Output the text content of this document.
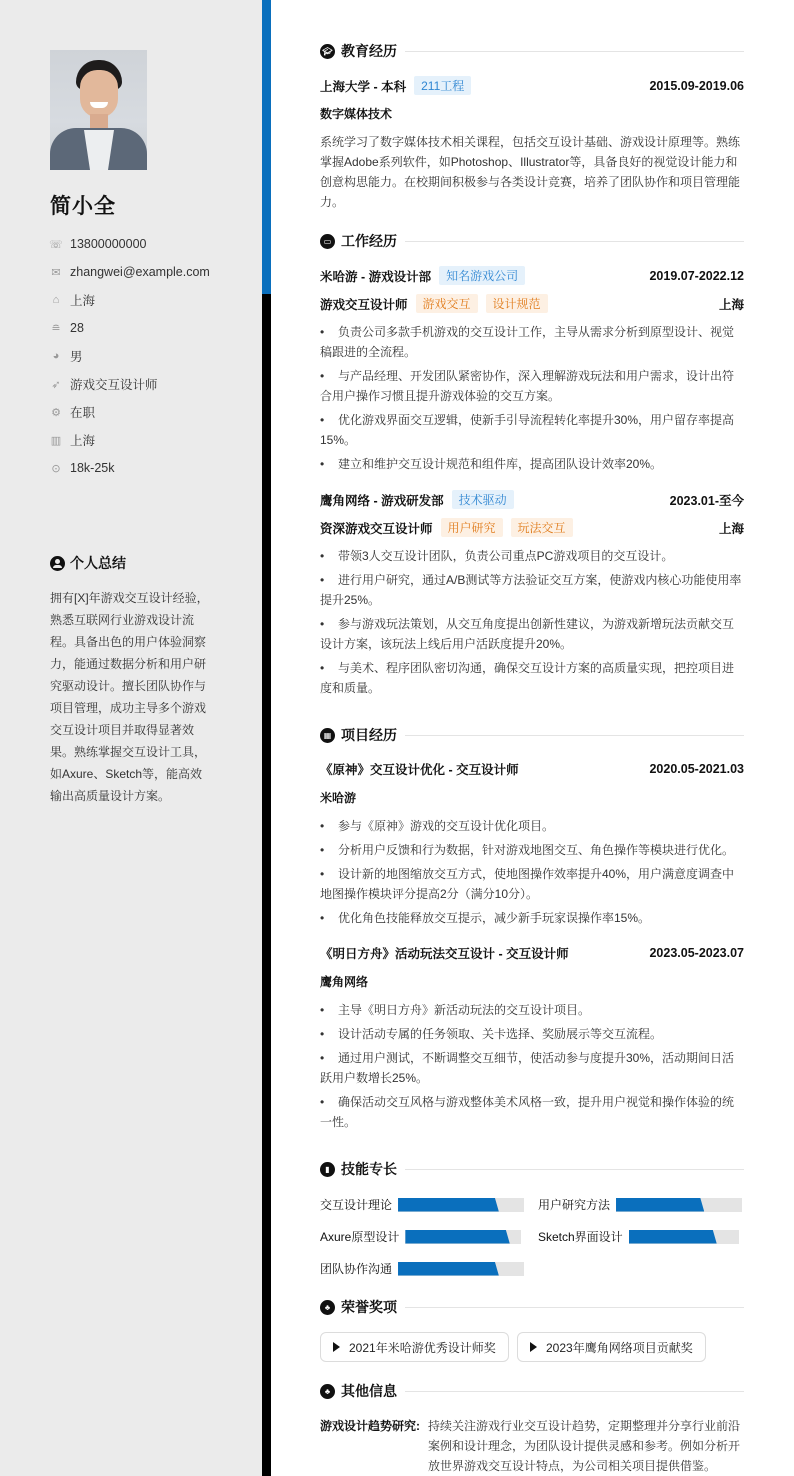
简小全
☏ 13800000000
✉ zhangwei@example.com
⌂ 上海
≘ 28
◕ 男
➶ 游戏交互设计师
⚙ 在职
▥ 上海
⊙ 18k-25k
个人总结
拥有[X]年游戏交互设计经验，熟悉互联网行业游戏设计流程。具备出色的用户体验洞察力，能通过数据分析和用户研究驱动设计。擅长团队协作与项目管理，成功主导多个游戏交互设计项目并取得显著效果。熟练掌握交互设计工具，如Axure、Sketch等，能高效输出高质量设计方案。
🎓︎ 教育经历
上海大学 - 本科	211工程	2015.09-2019.06
数字媒体技术
系统学习了数字媒体技术相关课程，包括交互设计基础、游戏设计原理等。熟练掌握Adobe系列软件，如Photoshop、Illustrator等，具备良好的视觉设计能力和创意构思能力。在校期间积极参与各类设计竞赛，培养了团队协作和项目管理能力。
▭ 工作经历
米哈游 - 游戏设计部	知名游戏公司	2019.07-2022.12
游戏交互设计师	游戏交互	设计规范	上海
• 负责公司多款手机游戏的交互设计工作，主导从需求分析到原型设计、视觉稿跟进的全流程。
• 与产品经理、开发团队紧密协作，深入理解游戏玩法和用户需求，设计出符合用户操作习惯且提升游戏体验的交互方案。
• 优化游戏界面交互逻辑，使新手引导流程转化率提升30%，用户留存率提高15%。
• 建立和维护交互设计规范和组件库，提高团队设计效率20%。
鹰角网络 - 游戏研发部	技术驱动	2023.01-至今
资深游戏交互设计师	用户研究	玩法交互	上海
• 带领3人交互设计团队，负责公司重点PC游戏项目的交互设计。
• 进行用户研究，通过A/B测试等方法验证交互方案，使游戏内核心功能使用率提升25%。
• 参与游戏玩法策划，从交互角度提出创新性建议，为游戏新增玩法贡献交互设计方案，该玩法上线后用户活跃度提升20%。
• 与美术、程序团队密切沟通，确保交互设计方案的高质量实现，把控项目进度和质量。
▦ 项目经历
《原神》交互设计优化 - 交互设计师	2020.05-2021.03
米哈游
• 参与《原神》游戏的交互设计优化项目。
• 分析用户反馈和行为数据，针对游戏地图交互、角色操作等模块进行优化。
• 设计新的地图缩放交互方式，使地图操作效率提升40%，用户满意度调查中地图操作模块评分提高2分（满分10分）。
• 优化角色技能释放交互提示，减少新手玩家误操作率15%。
《明日方舟》活动玩法交互设计 - 交互设计师	2023.05-2023.07
鹰角网络
• 主导《明日方舟》新活动玩法的交互设计项目。
• 设计活动专属的任务领取、关卡选择、奖励展示等交互流程。
• 通过用户测试，不断调整交互细节，使活动参与度提升30%，活动期间日活跃用户数增长25%。
• 确保活动交互风格与游戏整体美术风格一致，提升用户视觉和操作体验的统一性。
▮ 技能专长
交互设计理论	用户研究方法
Axure原型设计	Sketch界面设计
团队协作沟通
♣ 荣誉奖项
2021年米哈游优秀设计师奖	2023年鹰角网络项目贡献奖
♣ 其他信息
游戏设计趋势研究: 持续关注游戏行业交互设计趋势，定期整理并分享行业前沿案例和设计理念，为团队设计提供灵感和参考。例如分析开放世界游戏交互设计特点，为公司相关项目提供借鉴。
